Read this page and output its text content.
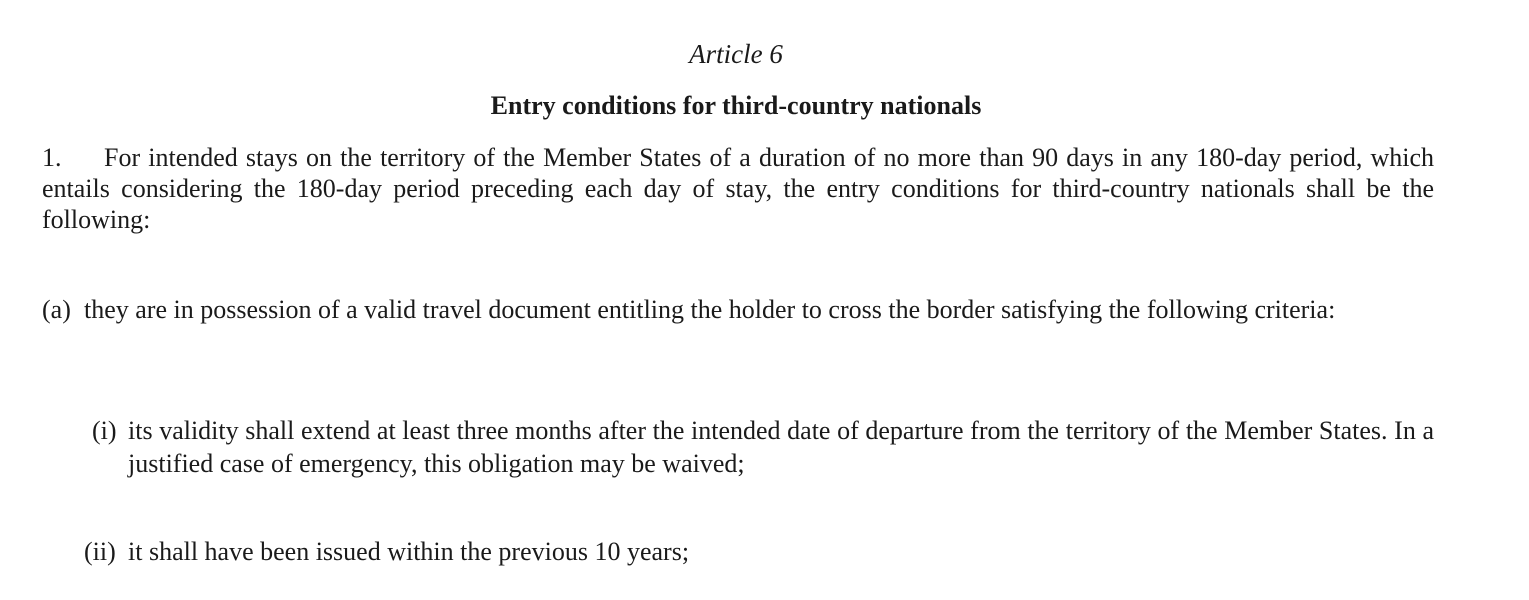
Article 6
Entry conditions for third-country nationals
1. For intended stays on the territory of the Member States of a duration of no more than 90 days in any 180-day period, which entails considering the 180-day period preceding each day of stay, the entry conditions for third-country nationals shall be the following:
(a) they are in possession of a valid travel document entitling the holder to cross the border satisfying the following criteria:
(i) its validity shall extend at least three months after the intended date of departure from the territory of the Member States. In a justified case of emergency, this obligation may be waived;
(ii) it shall have been issued within the previous 10 years;
